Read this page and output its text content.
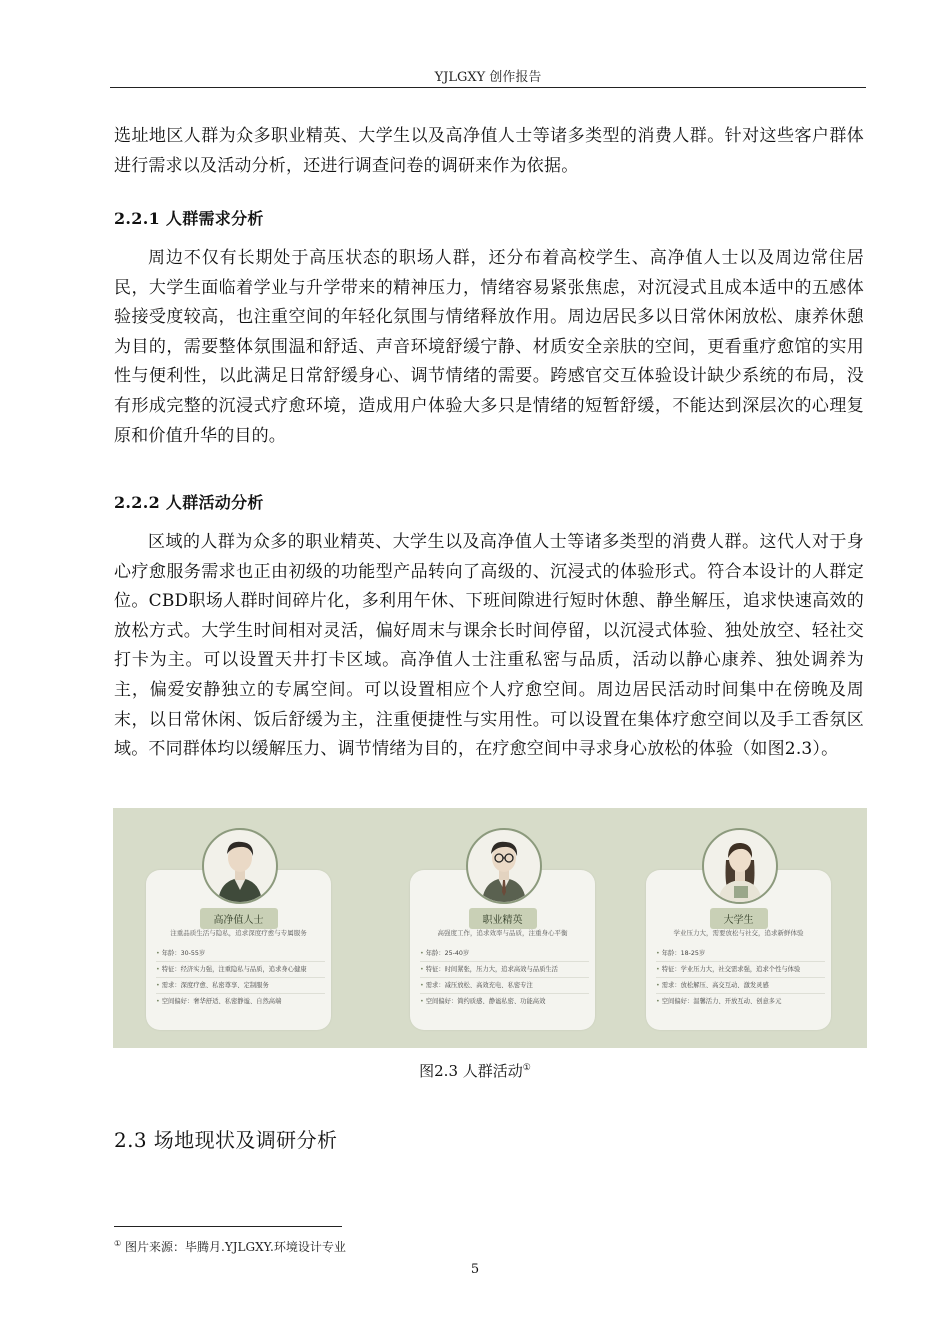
YJLGXY 创作报告
选址地区人群为众多职业精英、大学生以及高净值人士等诸多类型的消费人群。针对这些客户群体进行需求以及活动分析，还进行调查问卷的调研来作为依据。
2.2.1 人群需求分析
周边不仅有长期处于高压状态的职场人群，还分布着高校学生、高净值人士以及周边常住居民，大学生面临着学业与升学带来的精神压力，情绪容易紧张焦虑，对沉浸式且成本适中的五感体验接受度较高，也注重空间的年轻化氛围与情绪释放作用。周边居民多以日常休闲放松、康养休憩为目的，需要整体氛围温和舒适、声音环境舒缓宁静、材质安全亲肤的空间，更看重疗愈馆的实用性与便利性，以此满足日常舒缓身心、调节情绪的需要。跨感官交互体验设计缺少系统的布局，没有形成完整的沉浸式疗愈环境，造成用户体验大多只是情绪的短暂舒缓，不能达到深层次的心理复原和价值升华的目的。
2.2.2 人群活动分析
区域的人群为众多的职业精英、大学生以及高净值人士等诸多类型的消费人群。这代人对于身心疗愈服务需求也正由初级的功能型产品转向了高级的、沉浸式的体验形式。符合本设计的人群定位。CBD职场人群时间碎片化，多利用午休、下班间隙进行短时休憩、静坐解压，追求快速高效的放松方式。大学生时间相对灵活，偏好周末与课余长时间停留，以沉浸式体验、独处放空、轻社交打卡为主。可以设置天井打卡区域。高净值人士注重私密与品质，活动以静心康养、独处调养为主，偏爱安静独立的专属空间。可以设置相应个人疗愈空间。周边居民活动时间集中在傍晚及周末，以日常休闲、饭后舒缓为主，注重便捷性与实用性。可以设置在集体疗愈空间以及手工香氛区域。不同群体均以缓解压力、调节情绪为目的，在疗愈空间中寻求身心放松的体验（如图2.3）。
高净值人士
注重品质生活与隐私，追求深度疗愈与专属服务
• 年龄：30-55岁
• 特征：经济实力强，注重隐私与品质，追求身心健康
• 需求：深度疗愈、私密尊享、定制服务
• 空间偏好：奢华舒适、私密静谧、自然高端
职业精英
高强度工作，追求效率与品质，注重身心平衡
• 年龄：25-40岁
• 特征：时间紧张，压力大，追求高效与品质生活
• 需求：减压放松、高效充电、私密专注
• 空间偏好：简约质感、静谧私密、功能高效
大学生
学业压力大，需要放松与社交，追求新鲜体验
• 年龄：18-25岁
• 特征：学业压力大，社交需求强，追求个性与体验
• 需求：放松解压、高交互动、激发灵感
• 空间偏好：温馨活力、开放互动、创意多元
图2.3 人群活动①
2.3 场地现状及调研分析
① 图片来源：毕腾月.YJLGXY.环境设计专业
5
